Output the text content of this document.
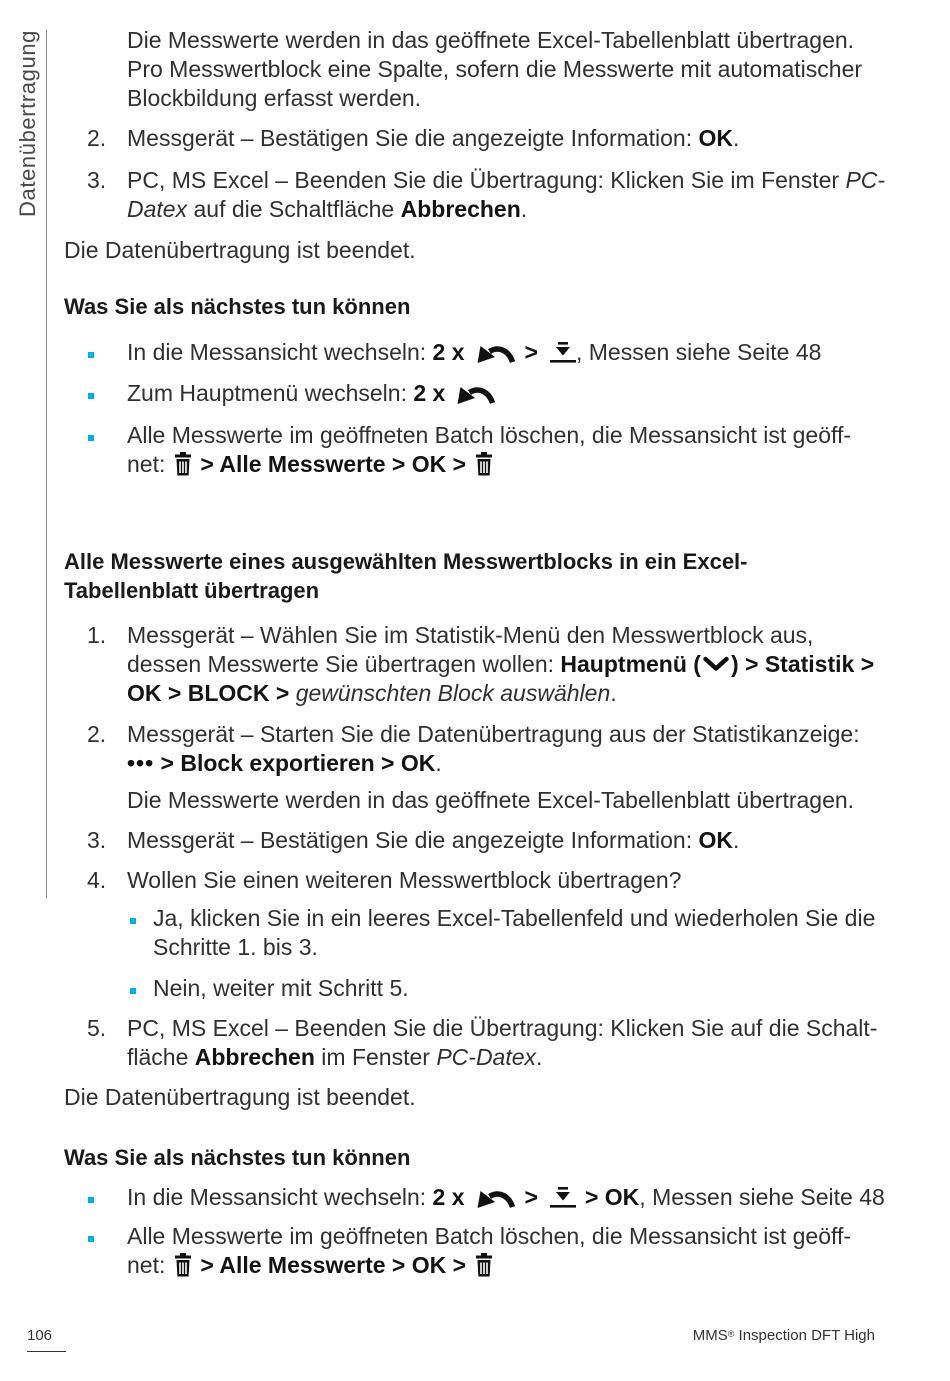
Datenübertragung	Die Messwerte werden in das geöffnete Excel-Tabellenblatt übertragen.
Pro Messwertblock eine Spalte, sofern die Messwerte mit automatischer
Blockbildung erfasst werden.
2. Messgerät – Bestätigen Sie die angezeigte Information: OK.
3. PC, MS Excel – Beenden Sie die Übertragung: Klicken Sie im Fenster PC-
Datex auf die Schaltfläche Abbrechen.
Die Datenübertragung ist beendet.
Was Sie als nächstes tun können
In die Messansicht wechseln: 2 x	> , Messen siehe Seite 48
Zum Hauptmenü wechseln: 2 x
Alle Messwerte im geöffneten Batch löschen, die Messansicht ist geöff-
net: > Alle Messwerte > OK >
Alle Messwerte eines ausgewählten Messwertblocks in ein Excel-
Tabellenblatt übertragen
1. Messgerät – Wählen Sie im Statistik-Menü den Messwertblock aus,
dessen Messwerte Sie übertragen wollen: Hauptmenü ( ) > Statistik >
OK > BLOCK > gewünschten Block auswählen.
2. Messgerät – Starten Sie die Datenübertragung aus der Statistikanzeige:
••• > Block exportieren > OK.
Die Messwerte werden in das geöffnete Excel-Tabellenblatt übertragen.
3. Messgerät – Bestätigen Sie die angezeigte Information: OK.
4. Wollen Sie einen weiteren Messwertblock übertragen?
Ja, klicken Sie in ein leeres Excel-Tabellenfeld und wiederholen Sie die
Schritte 1. bis 3.
Nein, weiter mit Schritt 5.
5. PC, MS Excel – Beenden Sie die Übertragung: Klicken Sie auf die Schalt-
fläche Abbrechen im Fenster PC-Datex.
Die Datenübertragung ist beendet.
Was Sie als nächstes tun können
In die Messansicht wechseln: 2 x	> > OK, Messen siehe Seite 48
Alle Messwerte im geöffneten Batch löschen, die Messansicht ist geöff-
net: > Alle Messwerte > OK >
106	MMS® Inspection DFT High
